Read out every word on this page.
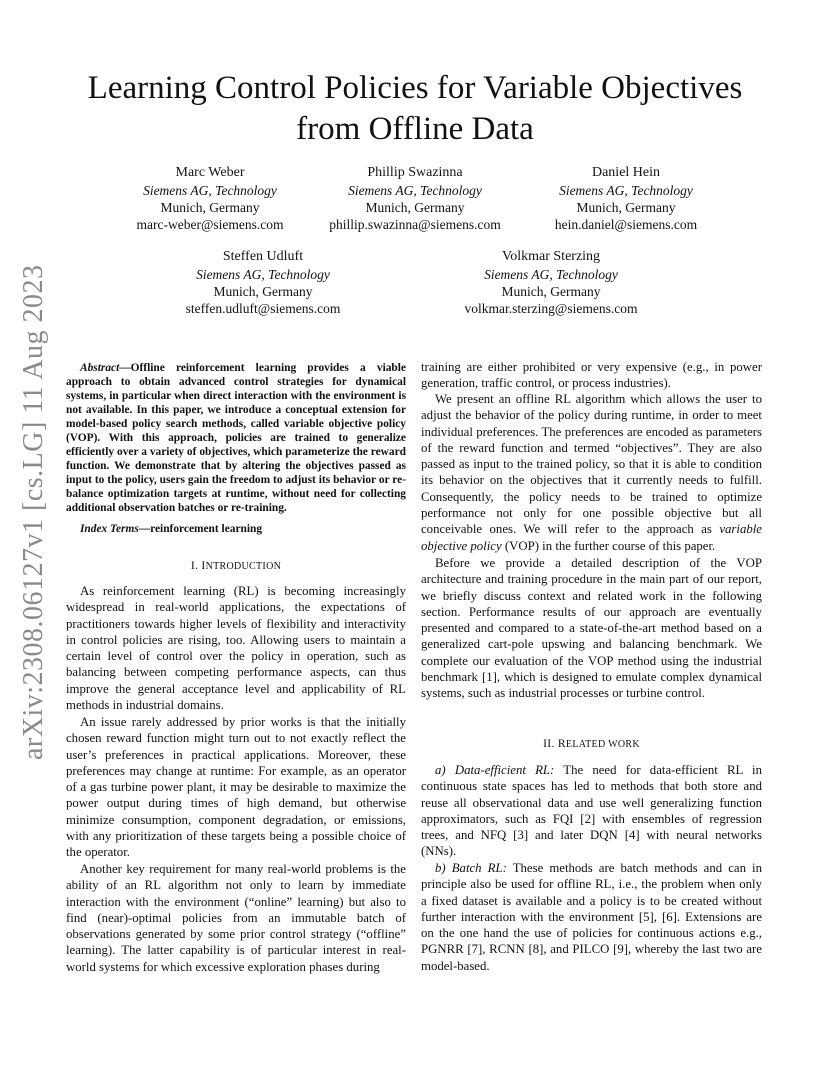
arXiv:2308.06127v1 [cs.LG] 11 Aug 2023
Learning Control Policies for Variable Objectives
from Offline Data
Marc Weber
Siemens AG, Technology
Munich, Germany
marc-weber@siemens.com
Phillip Swazinna
Siemens AG, Technology
Munich, Germany
phillip.swazinna@siemens.com
Daniel Hein
Siemens AG, Technology
Munich, Germany
hein.daniel@siemens.com
Steffen Udluft
Siemens AG, Technology
Munich, Germany
steffen.udluft@siemens.com
Volkmar Sterzing
Siemens AG, Technology
Munich, Germany
volkmar.sterzing@siemens.com
Abstract—Offline reinforcement learning provides a viable approach to obtain advanced control strategies for dynamical systems, in particular when direct interaction with the environment is not available. In this paper, we introduce a conceptual extension for model-based policy search methods, called variable objective policy (VOP). With this approach, policies are trained to generalize efficiently over a variety of objectives, which parameterize the reward function. We demonstrate that by altering the objectives passed as input to the policy, users gain the freedom to adjust its behavior or re-balance optimization targets at runtime, without need for collecting additional observation batches or re-training.
Index Terms—reinforcement learning
I. INTRODUCTION
As reinforcement learning (RL) is becoming increasingly widespread in real-world applications, the expectations of practitioners towards higher levels of flexibility and interactivity in control policies are rising, too. Allowing users to maintain a certain level of control over the policy in operation, such as balancing between competing performance aspects, can thus improve the general acceptance level and applicability of RL methods in industrial domains.
An issue rarely addressed by prior works is that the initially chosen reward function might turn out to not exactly reflect the user’s preferences in practical applications. Moreover, these preferences may change at runtime: For example, as an operator of a gas turbine power plant, it may be desirable to maximize the power output during times of high demand, but otherwise minimize consumption, component degradation, or emissions, with any prioritization of these targets being a possible choice of the operator.
Another key requirement for many real-world problems is the ability of an RL algorithm not only to learn by immediate interaction with the environment (“online” learning) but also to find (near)-optimal policies from an immutable batch of observations generated by some prior control strategy (“offline” learning). The latter capability is of particular interest in real-world systems for which excessive exploration phases during
training are either prohibited or very expensive (e.g., in power generation, traffic control, or process industries).
We present an offline RL algorithm which allows the user to adjust the behavior of the policy during runtime, in order to meet individual preferences. The preferences are encoded as parameters of the reward function and termed “objectives”. They are also passed as input to the trained policy, so that it is able to condition its behavior on the objectives that it currently needs to fulfill. Consequently, the policy needs to be trained to optimize performance not only for one possible objective but all conceivable ones. We will refer to the approach as variable objective policy (VOP) in the further course of this paper.
Before we provide a detailed description of the VOP architecture and training procedure in the main part of our report, we briefly discuss context and related work in the following section. Performance results of our approach are eventually presented and compared to a state-of-the-art method based on a generalized cart-pole upswing and balancing benchmark. We complete our evaluation of the VOP method using the industrial benchmark [1], which is designed to emulate complex dynamical systems, such as industrial processes or turbine control.
II. RELATED WORK
a) Data-efficient RL: The need for data-efficient RL in continuous state spaces has led to methods that both store and reuse all observational data and use well generalizing function approximators, such as FQI [2] with ensembles of regression trees, and NFQ [3] and later DQN [4] with neural networks (NNs).
b) Batch RL: These methods are batch methods and can in principle also be used for offline RL, i.e., the problem when only a fixed dataset is available and a policy is to be created without further interaction with the environment [5], [6]. Extensions are on the one hand the use of policies for continuous actions e.g., PGNRR [7], RCNN [8], and PILCO [9], whereby the last two are model-based.
